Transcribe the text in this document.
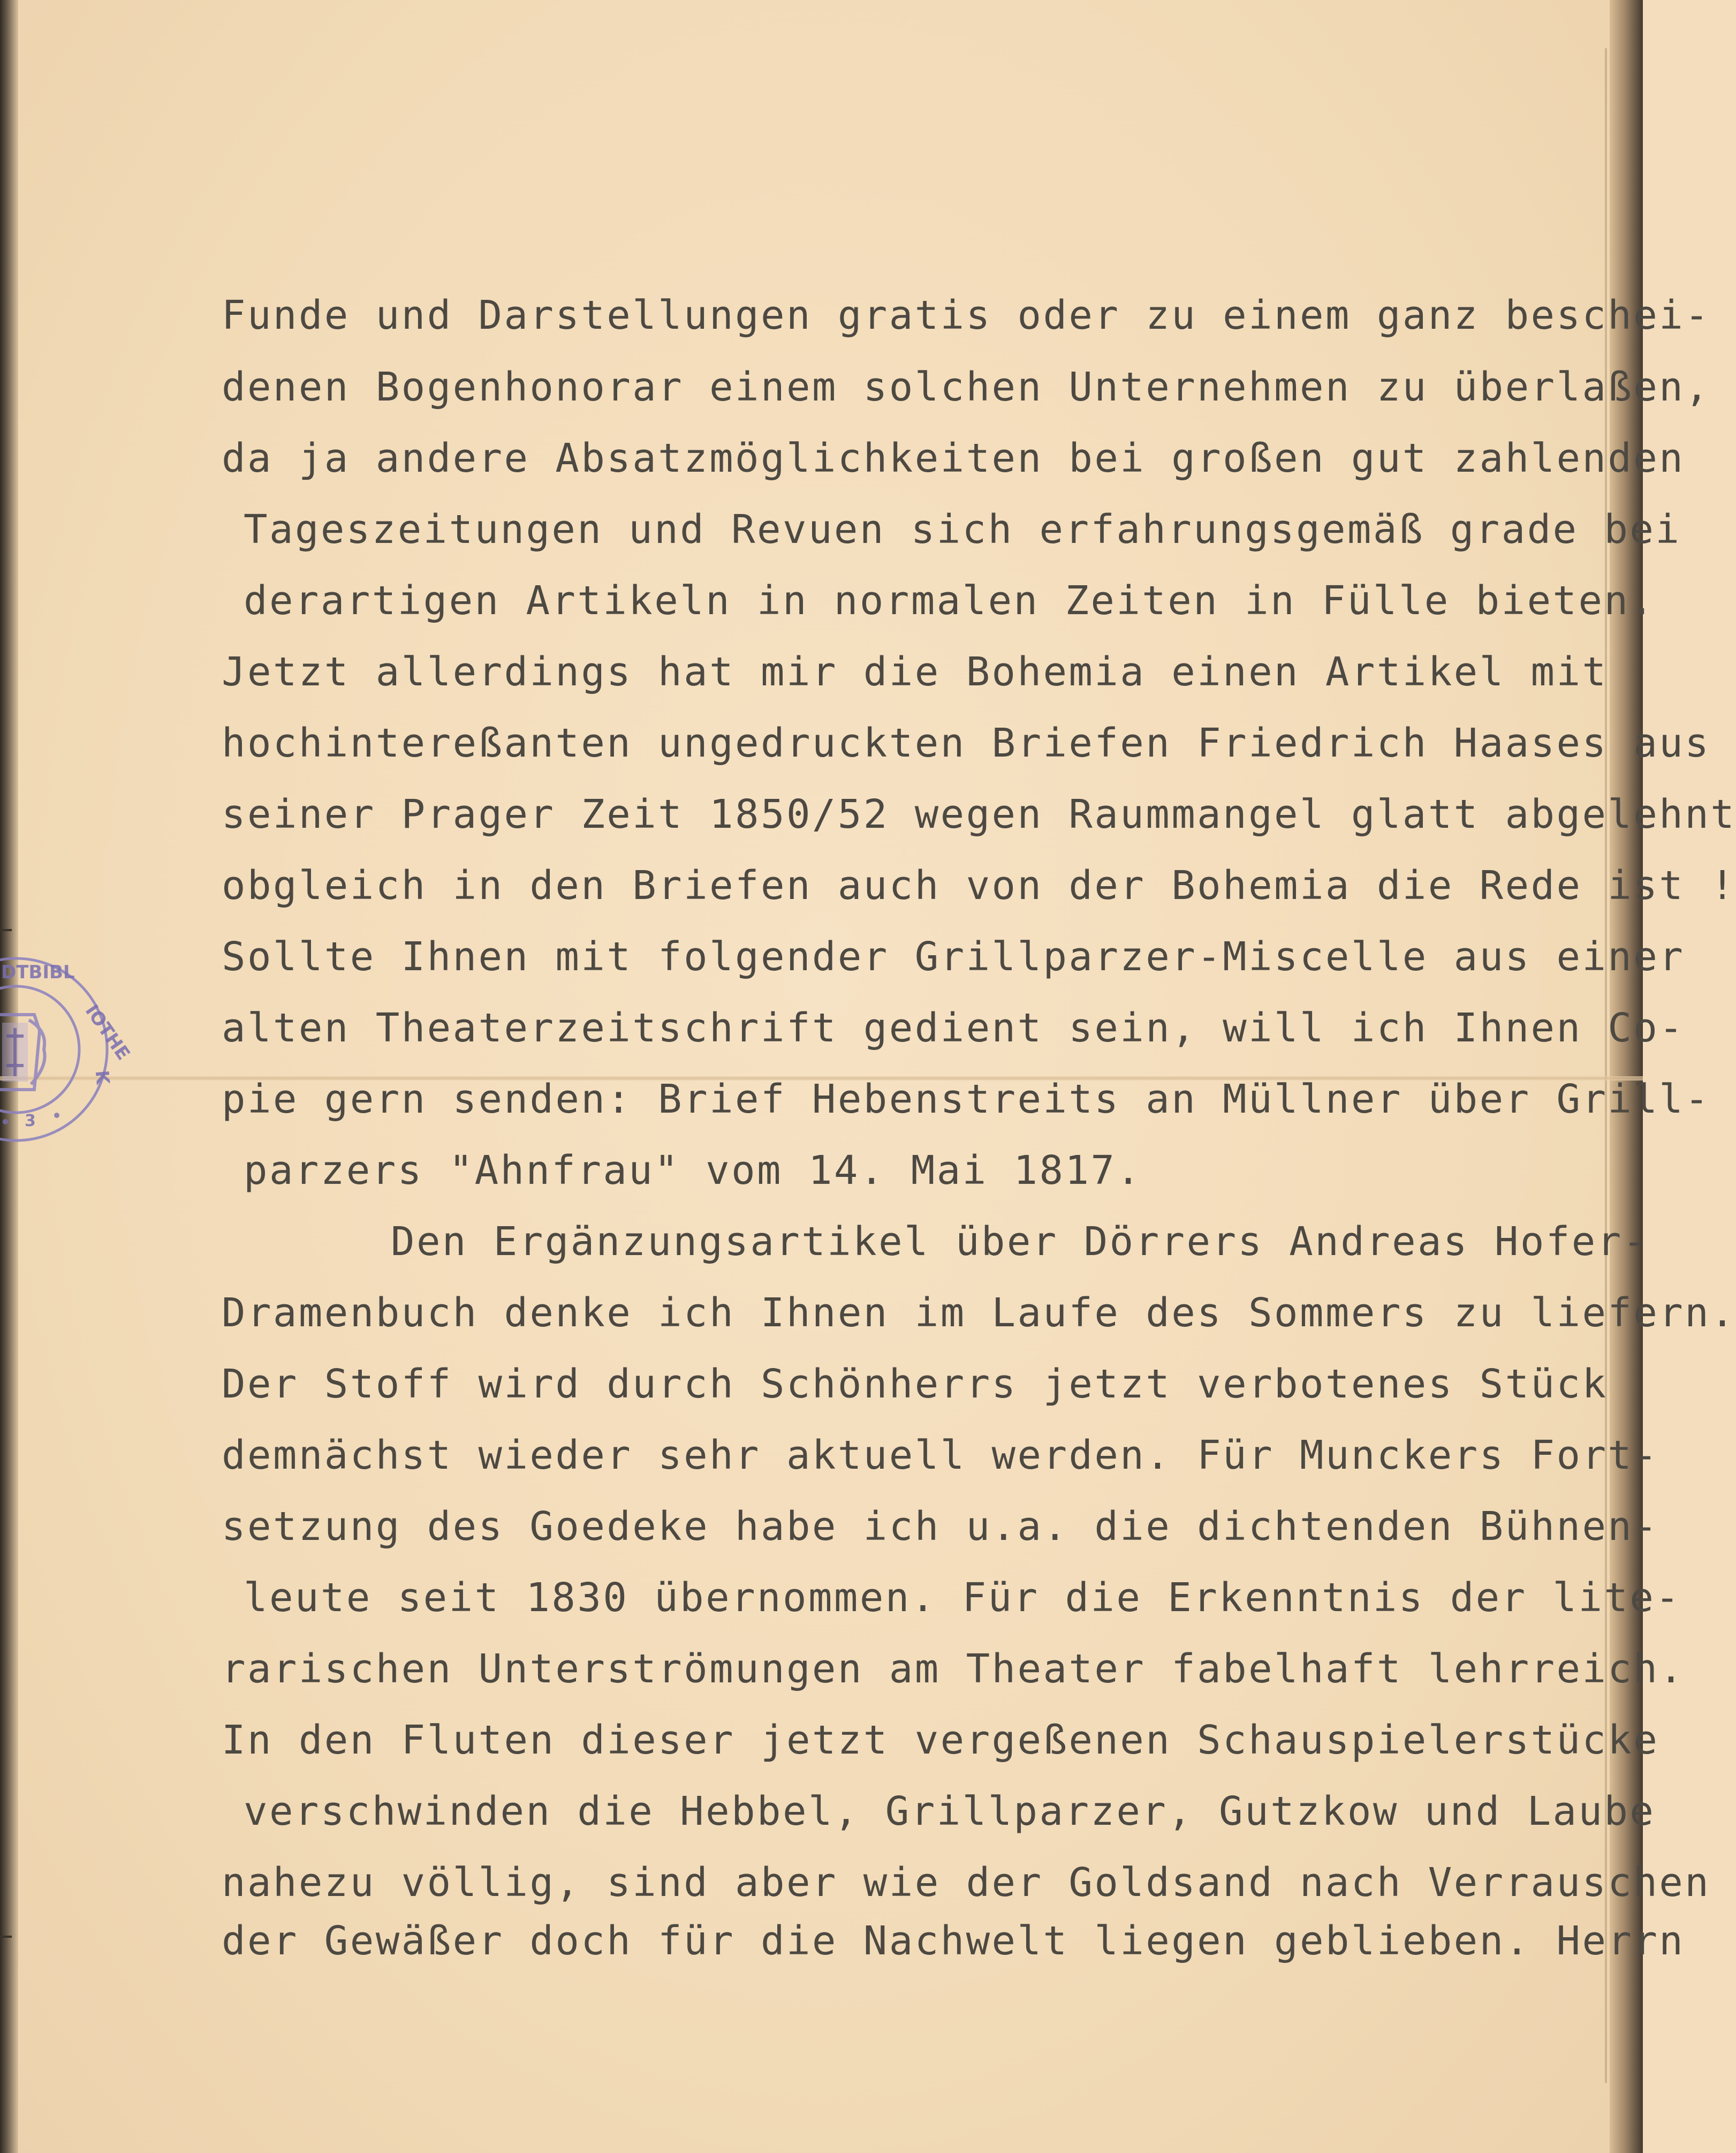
DTBIBL
IOTHE
K
3

Funde und Darstellungen gratis oder zu einem ganz beschei-

denen Bogenhonorar einem solchen Unternehmen zu überlaßen,

da ja andere Absatzmöglichkeiten bei großen gut zahlenden

Tageszeitungen und Revuen sich erfahrungsgemäß grade bei

derartigen Artikeln in normalen Zeiten in Fülle bieten.

Jetzt allerdings hat mir die Bohemia einen Artikel mit

hochintereßanten ungedruckten Briefen Friedrich Haases aus

seiner Prager Zeit 1850/52 wegen Raummangel glatt abgelehnt

obgleich in den Briefen auch von der Bohemia die Rede ist !

Sollte Ihnen mit folgender Grillparzer-Miscelle aus einer

alten Theaterzeitschrift gedient sein, will ich Ihnen Co-

pie gern senden: Brief Hebenstreits an Müllner über Grill-

parzers "Ahnfrau" vom 14. Mai 1817.

Den Ergänzungsartikel über Dörrers Andreas Hofer-

Dramenbuch denke ich Ihnen im Laufe des Sommers zu liefern.

Der Stoff wird durch Schönherrs jetzt verbotenes Stück

demnächst wieder sehr aktuell werden. Für Munckers Fort-

setzung des Goedeke habe ich u.a. die dichtenden Bühnen-

leute seit 1830 übernommen. Für die Erkenntnis der lite-

rarischen Unterströmungen am Theater fabelhaft lehrreich.

In den Fluten dieser jetzt vergeßenen Schauspielerstücke

verschwinden die Hebbel, Grillparzer, Gutzkow und Laube

nahezu völlig, sind aber wie der Goldsand nach Verrauschen

der Gewäßer doch für die Nachwelt liegen geblieben. Herrn
